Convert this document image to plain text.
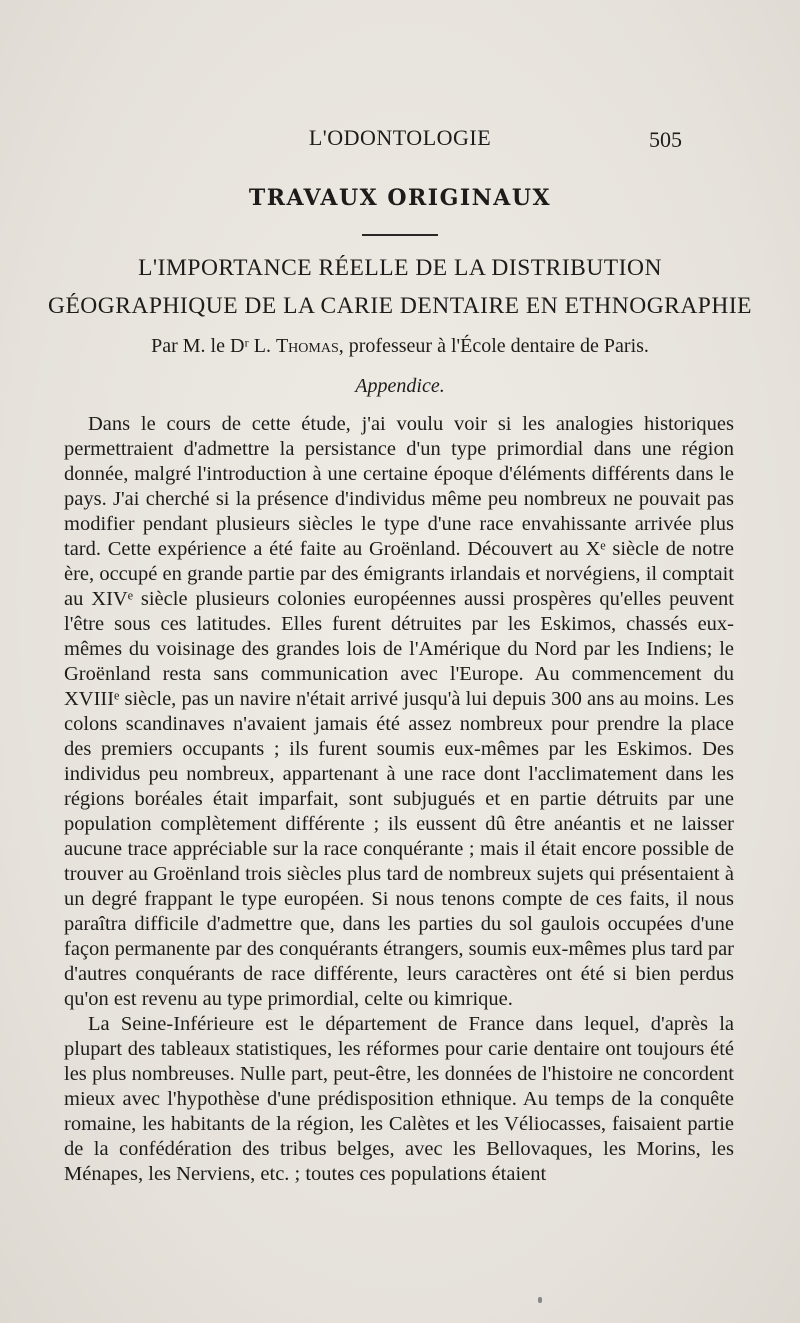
L'ODONTOLOGIE	505
TRAVAUX ORIGINAUX
L'IMPORTANCE RÉELLE DE LA DISTRIBUTION
GÉOGRAPHIQUE DE LA CARIE DENTAIRE EN ETHNOGRAPHIE
Par M. le Dʳ L. Thomas, professeur à l'École dentaire de Paris.
Appendice.

Dans le cours de cette étude, j'ai voulu voir si les analogies historiques permettraient d'admettre la persistance d'un type primordial dans une région donnée, malgré l'introduction à une certaine époque d'éléments différents dans le pays. J'ai cherché si la présence d'individus même peu nombreux ne pouvait pas modifier pendant plusieurs siècles le type d'une race envahissante arrivée plus tard. Cette expérience a été faite au Groënland. Découvert au Xᵉ siècle de notre ère, occupé en grande partie par des émigrants irlandais et norvégiens, il comptait au XIVᵉ siècle plusieurs colonies européennes aussi prospères qu'elles peuvent l'être sous ces latitudes. Elles furent détruites par les Eskimos, chassés eux-mêmes du voisinage des grandes lois de l'Amérique du Nord par les Indiens; le Groënland resta sans communication avec l'Europe. Au commencement du XVIIIᵉ siècle, pas un navire n'était arrivé jusqu'à lui depuis 300 ans au moins. Les colons scandinaves n'avaient jamais été assez nombreux pour prendre la place des premiers occupants ; ils furent soumis eux-mêmes par les Eskimos. Des individus peu nombreux, appartenant à une race dont l'acclimatement dans les régions boréales était imparfait, sont subjugués et en partie détruits par une population complètement différente ; ils eussent dû être anéantis et ne laisser aucune trace appréciable sur la race conquérante ; mais il était encore possible de trouver au Groënland trois siècles plus tard de nombreux sujets qui présentaient à un degré frappant le type européen. Si nous tenons compte de ces faits, il nous paraîtra difficile d'admettre que, dans les parties du sol gaulois occupées d'une façon permanente par des conquérants étrangers, soumis eux-mêmes plus tard par d'autres conquérants de race différente, leurs caractères ont été si bien perdus qu'on est revenu au type primordial, celte ou kimrique.

La Seine-Inférieure est le département de France dans lequel, d'après la plupart des tableaux statistiques, les réformes pour carie dentaire ont toujours été les plus nombreuses. Nulle part, peut-être, les données de l'histoire ne concordent mieux avec l'hypothèse d'une prédisposition ethnique. Au temps de la conquête romaine, les habitants de la région, les Calètes et les Véliocasses, faisaient partie de la confédération des tribus belges, avec les Bellovaques, les Morins, les Ménapes, les Nerviens, etc. ; toutes ces populations étaient
